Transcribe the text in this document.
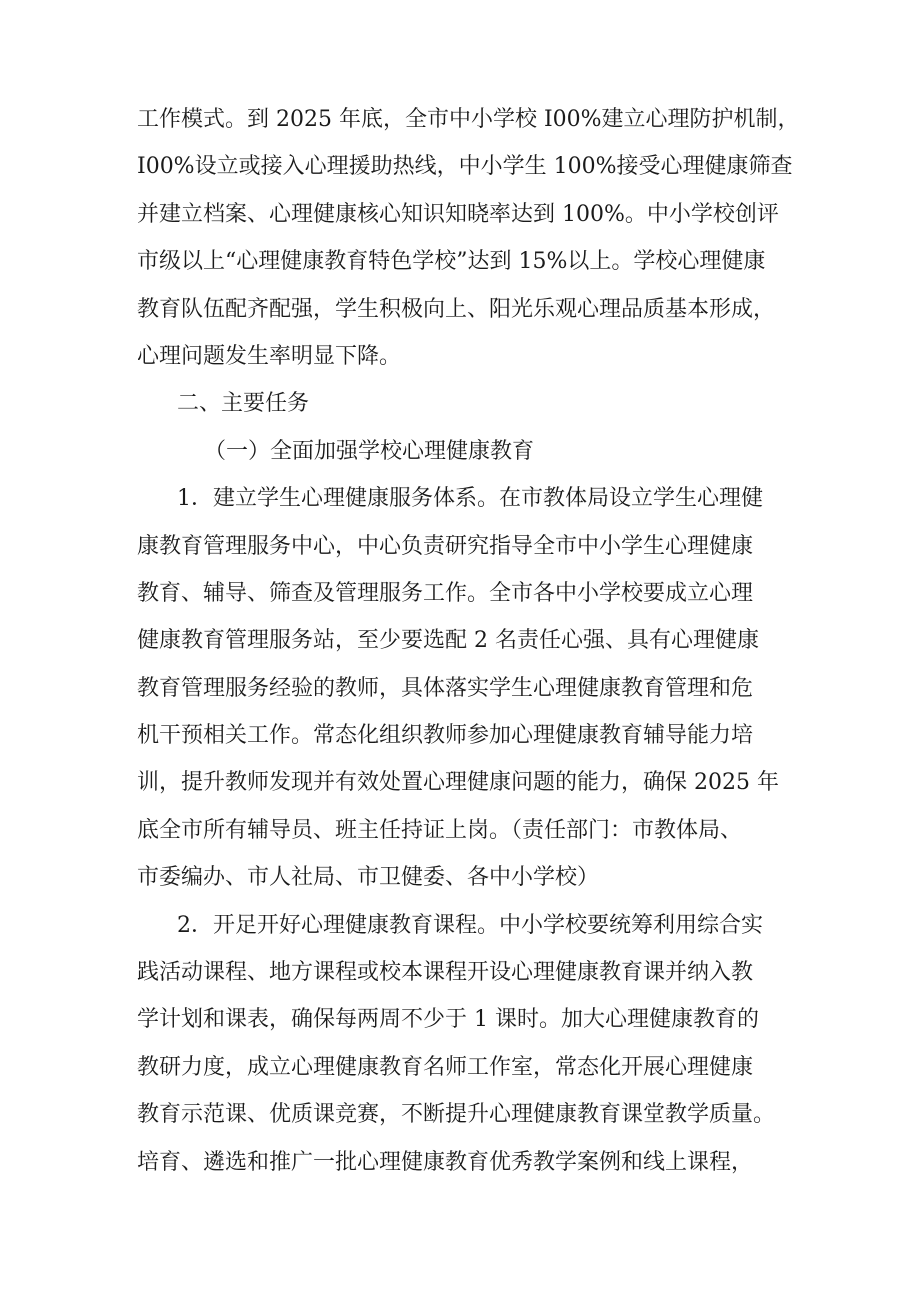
工作模式。到 2025 年底，全市中小学校 I00%建立心理防护机制，
I00%设立或接入心理援助热线，中小学生 100%接受心理健康筛查
并建立档案、心理健康核心知识知晓率达到 100%。中小学校创评
市级以上“心理健康教育特色学校”达到 15%以上。学校心理健康
教育队伍配齐配强，学生积极向上、阳光乐观心理品质基本形成，
心理问题发生率明显下降。
二、主要任务
（一）全面加强学校心理健康教育
1．建立学生心理健康服务体系。在市教体局设立学生心理健
康教育管理服务中心，中心负责研究指导全市中小学生心理健康
教育、辅导、筛查及管理服务工作。全市各中小学校要成立心理
健康教育管理服务站，至少要选配 2 名责任心强、具有心理健康
教育管理服务经验的教师，具体落实学生心理健康教育管理和危
机干预相关工作。常态化组织教师参加心理健康教育辅导能力培
训，提升教师发现并有效处置心理健康问题的能力，确保 2025 年
底全市所有辅导员、班主任持证上岗。（责任部门：市教体局、
市委编办、市人社局、市卫健委、各中小学校）
2．开足开好心理健康教育课程。中小学校要统筹利用综合实
践活动课程、地方课程或校本课程开设心理健康教育课并纳入教
学计划和课表，确保每两周不少于 1 课时。加大心理健康教育的
教研力度，成立心理健康教育名师工作室，常态化开展心理健康
教育示范课、优质课竞赛，不断提升心理健康教育课堂教学质量。
培育、遴选和推广一批心理健康教育优秀教学案例和线上课程，
